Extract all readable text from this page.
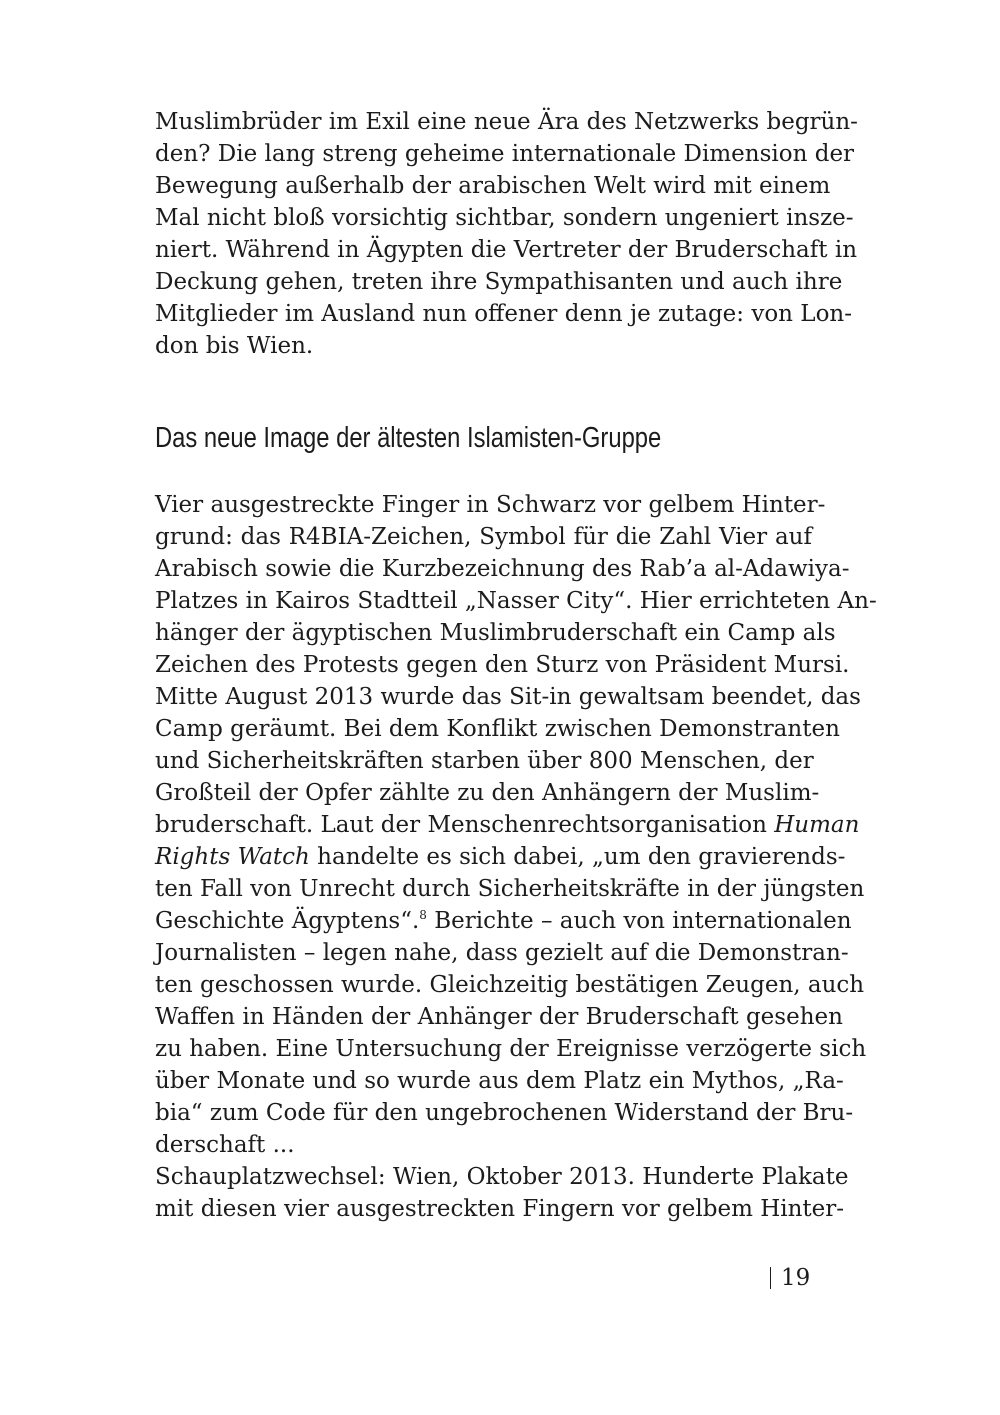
Muslimbrüder im Exil eine neue Ära des Netzwerks begrün-
den? Die lang streng geheime internationale Dimension der
Bewegung außerhalb der arabischen Welt wird mit einem
Mal nicht bloß vorsichtig sichtbar, sondern ungeniert insze-
niert. Während in Ägypten die Vertreter der Bruderschaft in
Deckung gehen, treten ihre Sympathisanten und auch ihre
Mitglieder im Ausland nun offener denn je zutage: von Lon-
don bis Wien.
Das neue Image der ältesten Islamisten-Gruppe
Vier ausgestreckte Finger in Schwarz vor gelbem Hinter-
grund: das R4BIA-Zeichen, Symbol für die Zahl Vier auf
Arabisch sowie die Kurzbezeichnung des Rab’a al-Adawiya-
Platzes in Kairos Stadtteil „Nasser City“. Hier errichteten An-
hänger der ägyptischen Muslimbruderschaft ein Camp als
Zeichen des Protests gegen den Sturz von Präsident Mursi.
Mitte August 2013 wurde das Sit-in gewaltsam beendet, das
Camp geräumt. Bei dem Konflikt zwischen Demonstranten
und Sicherheitskräften starben über 800 Menschen, der
Großteil der Opfer zählte zu den Anhängern der Muslim-
bruderschaft. Laut der Menschenrechtsorganisation Human
Rights Watch handelte es sich dabei, „um den gravierends-
ten Fall von Unrecht durch Sicherheitskräfte in der jüngsten
Geschichte Ägyptens“.$^8$ Berichte – auch von internationalen
Journalisten – legen nahe, dass gezielt auf die Demonstran-
ten geschossen wurde. Gleichzeitig bestätigen Zeugen, auch
Waffen in Händen der Anhänger der Bruderschaft gesehen
zu haben. Eine Untersuchung der Ereignisse verzögerte sich
über Monate und so wurde aus dem Platz ein Mythos, „Ra-
bia“ zum Code für den ungebrochenen Widerstand der Bru-
derschaft ...
Schauplatzwechsel: Wien, Oktober 2013. Hunderte Plakate
mit diesen vier ausgestreckten Fingern vor gelbem Hinter-
19
